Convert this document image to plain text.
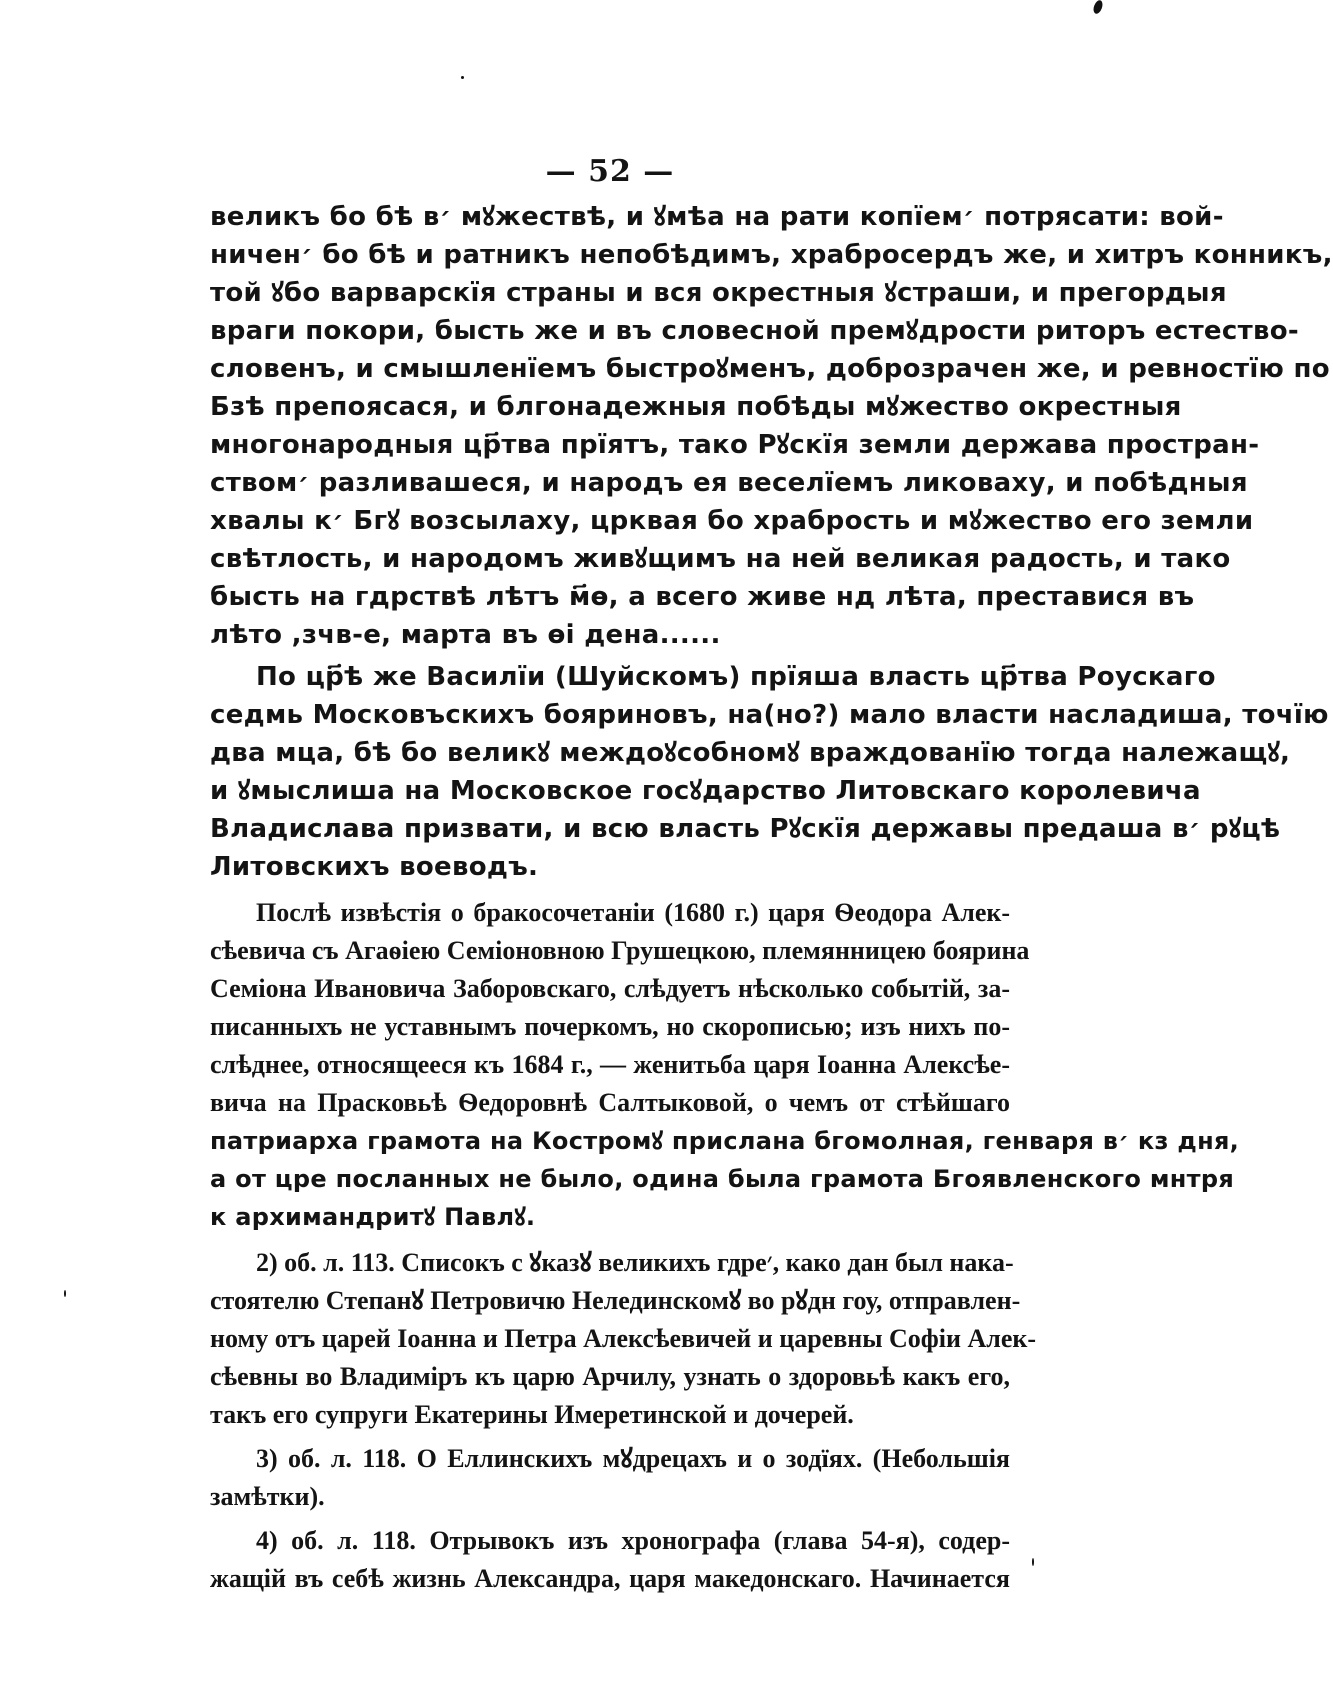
— 52 —
великъ бо бѣ в׳ мꙋжествѣ, и ꙋмѣа на рати копїем׳ потрясати: вой-
ничен׳ бо бѣ и ратникъ непобѣдимъ, храбросердъ же, и хитръ конникъ,
той ꙋбо варварскїя страны и вся окрестныя ꙋстраши, и прегордыя
враги покори, бысть же и въ словесной премꙋдрости риторъ естество-
словенъ, и смышленїемъ быстроꙋменъ, доброзрачен же, и ревностїю по
Бзѣ препоясася, и блгонадежныя побѣды мꙋжество окрестныя
многонародныя цр҃тва прїятъ, тако Рꙋскїя земли держава простран-
ством׳ разливашеся, и народъ ея веселїемъ ликоваху, и побѣдныя
хвалы к׳ Бгꙋ возсылаху, црквая бо храбрость и мꙋжество его земли
свѣтлость, и народомъ живꙋщимъ на ней великая радость, и тако
бысть на гдрствѣ лѣтъ м҃ѳ, а всего живе нд лѣта, преставися въ
лѣто ,зчв-е, марта въ ѳі дена......
По цр҃ѣ же Василїи (Шуйскомъ) прїяша власть цр҃тва Роускаго
седмь Московъскихъ бояриновъ, на(но?) мало власти насладиша, точїю
два мца, бѣ бо великꙋ междоꙋсобномꙋ враждованїю тогда належащꙋ,
и ꙋмыслиша на Московское госꙋдарство Литовскаго королевича
Владислава призвати, и всю власть Рꙋскїя державы предаша в׳ рꙋцѣ
Литовскихъ воеводъ.
Послѣ извѣстія о бракосочетаніи (1680 г.) царя Ѳеодора Алек-
сѣевича съ Агаѳіею Семіоновною Грушецкою, племянницею боярина
Семіона Ивановича Заборовскаго, слѣдуетъ нѣсколько событій, за-
писанныхъ не уставнымъ почеркомъ, но скорописью; изъ нихъ по-
слѣднее, относящееся къ 1684 г., — женитьба царя Іоанна Алексѣе-
вича на Прасковьѣ Ѳедоровнѣ Салтыковой, о чемъ от стѣйшаго
патриарха грамота на Костромꙋ прислана бгомолная, генваря в׳ кз дня,
а от цре посланных не было, одина была грамота Бгоявленского мнтря
к архимандритꙋ Павлꙋ.
2) об. л. 113. Списокъ с ꙋказꙋ великихъ гдре׳, како дан был нака-
стоятелю Степанꙋ Петровичю Нелединскомꙋ во рꙋдн гоу, отправлен-
ному отъ царей Іоанна и Петра Алексѣевичей и царевны Софіи Алек-
сѣевны во Владиміръ къ царю Арчилу, узнать о здоровьѣ какъ его,
такъ его супруги Екатерины Имеретинской и дочерей.
3) об. л. 118. О Еллинскихъ мꙋдрецахъ и о зодїях. (Небольшія
замѣтки).
4) об. л. 118. Отрывокъ изъ хронографа (глава 54-я), содер-
жащій въ себѣ жизнь Александра, царя македонскаго. Начинается
